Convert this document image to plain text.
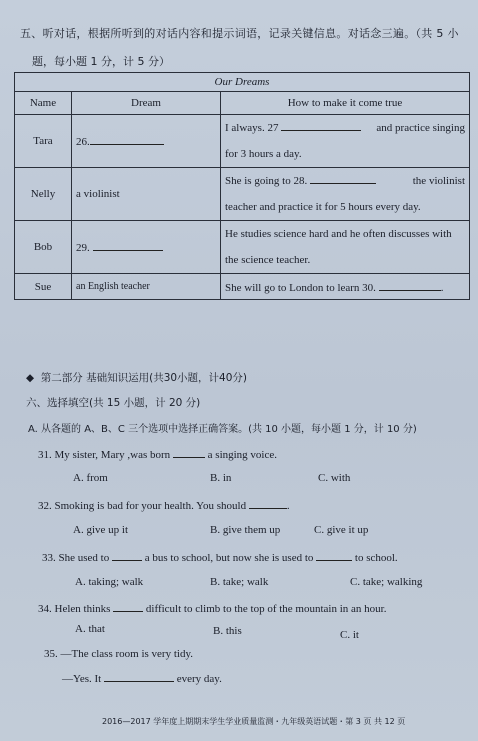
五、听对话，根据所听到的对话内容和提示词语，记录关键信息。对话念三遍。（共 5 小
题，每小题 1 分，计 5 分）
Our Dreams		
Name	Dream	How to make it come true
Tara	26.	I always. 27 and practice singing
for 3 hours a day.

Nelly	a violinist	She is going to 28. the violinist
teacher and practice it for 5 hours every day.

Bob	29.	He studies science hard and he often discusses with
the science teacher.

Sue	an English teacher	She will go to London to learn 30. .
◆ 第二部分 基础知识运用(共30小题，计40分)
六、选择填空(共 15 小题，计 20 分)
A. 从各题的 A、B、C 三个选项中选择正确答案。(共 10 小题，每小题 1 分，计 10 分)
31. My sister, Mary ,was born	a singing voice.
A. from	B. in	C. with
32. Smoking is bad for your health. You should	.
A. give up it	B. give them up	C. give it up
33. She used to	a bus to school, but now she is used to	to school.
A. taking; walk	B. take; walk	C. take; walking
34. Helen thinks	difficult to climb to the top of the mountain in an hour.
A. that	B. this	C. it
35. —The class room is very tidy.
—Yes. It	every day.
2016—2017 学年度上期期末学生学业质量监测・九年级英语试题・第 3 页 共 12 页
